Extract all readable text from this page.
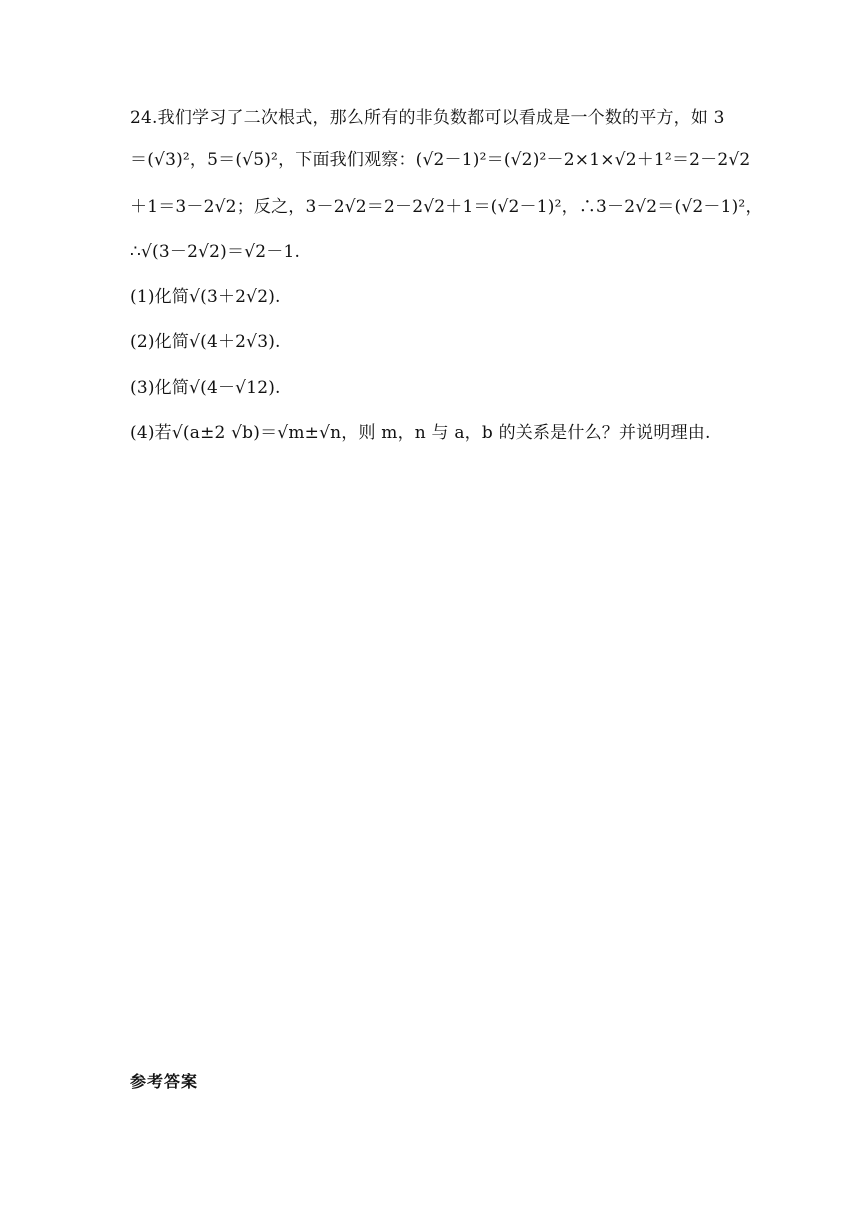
24.我们学习了二次根式，那么所有的非负数都可以看成是一个数的平方，如 3
＝(√3)²，5＝(√5)²，下面我们观察：(√2－1)²＝(√2)²－2×1×√2＋1²＝2－2√2
＋1＝3－2√2；反之，3－2√2＝2－2√2＋1＝(√2－1)²，∴3－2√2＝(√2－1)²，
∴√(3－2√2)＝√2－1.
(1)化简√(3＋2√2).
(2)化简√(4＋2√3).
(3)化简√(4－√12).
(4)若√(a±2 √b)＝√m±√n，则 m，n 与 a，b 的关系是什么？并说明理由.
参考答案
